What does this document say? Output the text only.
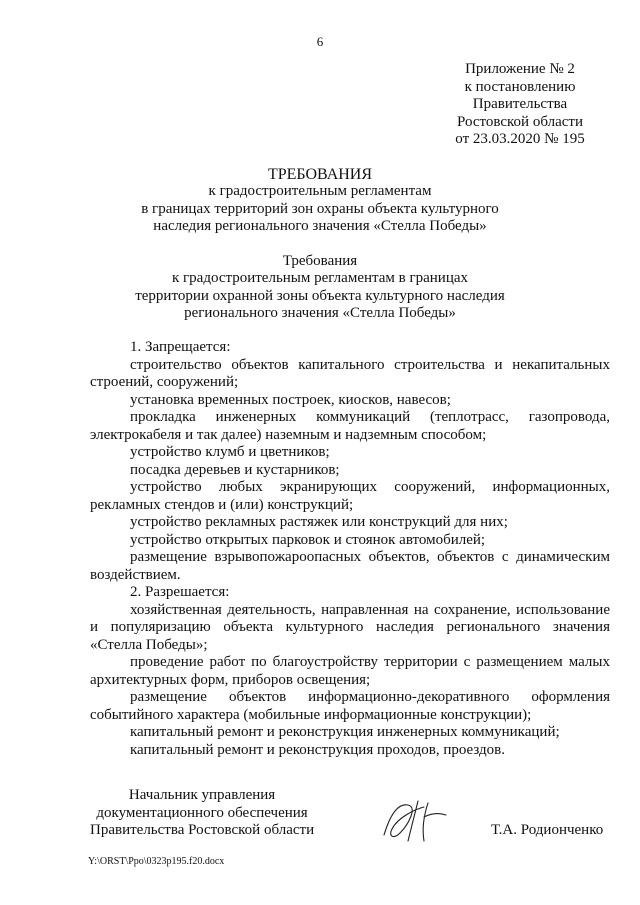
6
Приложение № 2
к постановлению
Правительства
Ростовской области
от 23.03.2020 № 195
ТРЕБОВАНИЯ
к градостроительным регламентам
в границах территорий зон охраны объекта культурного
наследия регионального значения «Стелла Победы»
Требования
к градостроительным регламентам в границах
территории охранной зоны объекта культурного наследия
регионального значения «Стелла Победы»

1. Запрещается:

строительство объектов капитального строительства и некапитальных строений, сооружений;

установка временных построек, киосков, навесов;

прокладка инженерных коммуникаций (теплотрасс, газопровода, электрокабеля и так далее) наземным и надземным способом;

устройство клумб и цветников;

посадка деревьев и кустарников;

устройство любых экранирующих сооружений, информационных, рекламных стендов и (или) конструкций;

устройство рекламных растяжек или конструкций для них;

устройство открытых парковок и стоянок автомобилей;

размещение взрывопожароопасных объектов, объектов с динамическим воздействием.

2. Разрешается:

хозяйственная деятельность, направленная на сохранение, использование и популяризацию объекта культурного наследия регионального значения «Стелла Победы»;

проведение работ по благоустройству территории с размещением малых архитектурных форм, приборов освещения;

размещение объектов информационно-декоративного оформления событийного характера (мобильные информационные конструкции);

капитальный ремонт и реконструкция инженерных коммуникаций;

капитальный ремонт и реконструкция проходов, проездов.

Начальник управления
документационного обеспечения
Правительства Ростовской области	Т.А. Родионченко
Y:\ORST\Ppo\0323p195.f20.docx
